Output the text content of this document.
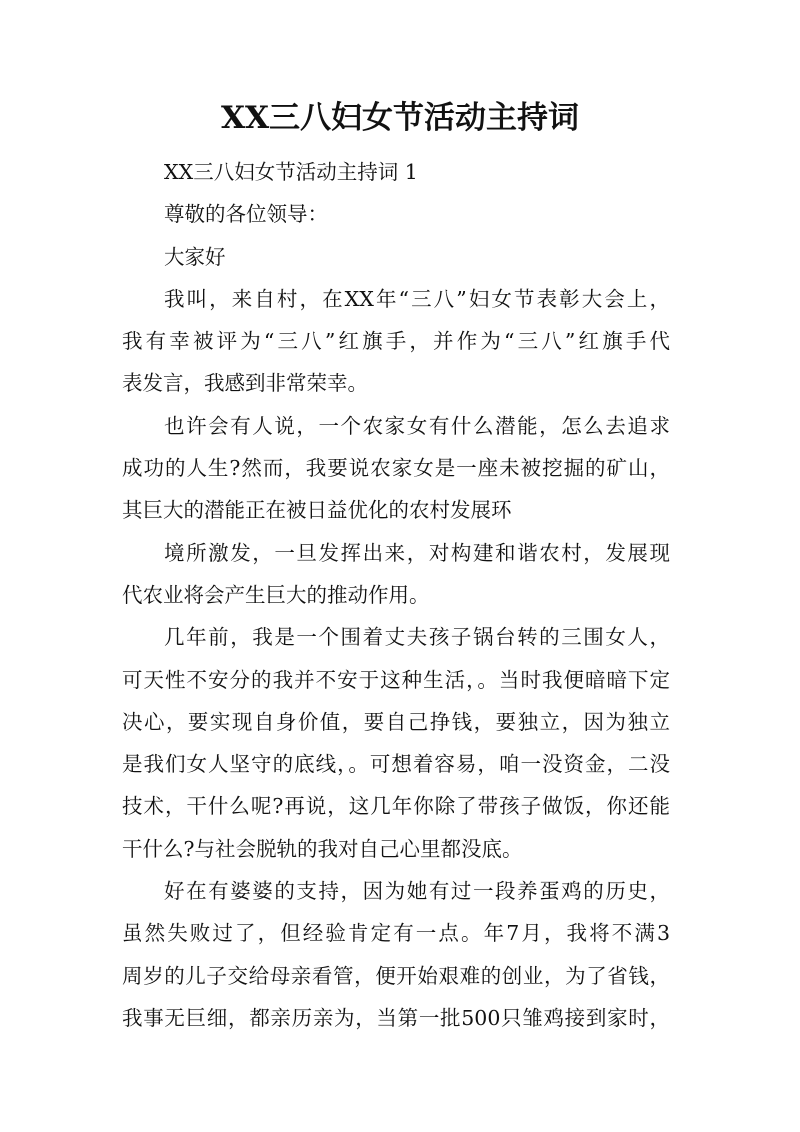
XX三八妇女节活动主持词
XX三八妇女节活动主持词 1
尊敬的各位领导：
大家好
我叫，来自村，在XX年“三八”妇女节表彰大会上，
我有幸被评为“三八”红旗手，并作为“三八”红旗手代
表发言，我感到非常荣幸。
也许会有人说，一个农家女有什么潜能，怎么去追求
成功的人生?然而，我要说农家女是一座未被挖掘的矿山，
其巨大的潜能正在被日益优化的农村发展环
境所激发，一旦发挥出来，对构建和谐农村，发展现
代农业将会产生巨大的推动作用。
几年前，我是一个围着丈夫孩子锅台转的三围女人，
可天性不安分的我并不安于这种生活，。当时我便暗暗下定
决心，要实现自身价值，要自己挣钱，要独立，因为独立
是我们女人坚守的底线，。可想着容易，咱一没资金，二没
技术，干什么呢?再说，这几年你除了带孩子做饭，你还能
干什么?与社会脱轨的我对自己心里都没底。
好在有婆婆的支持，因为她有过一段养蛋鸡的历史，
虽然失败过了，但经验肯定有一点。年7月，我将不满3
周岁的儿子交给母亲看管，便开始艰难的创业，为了省钱，
我事无巨细，都亲历亲为，当第一批500只雏鸡接到家时，
